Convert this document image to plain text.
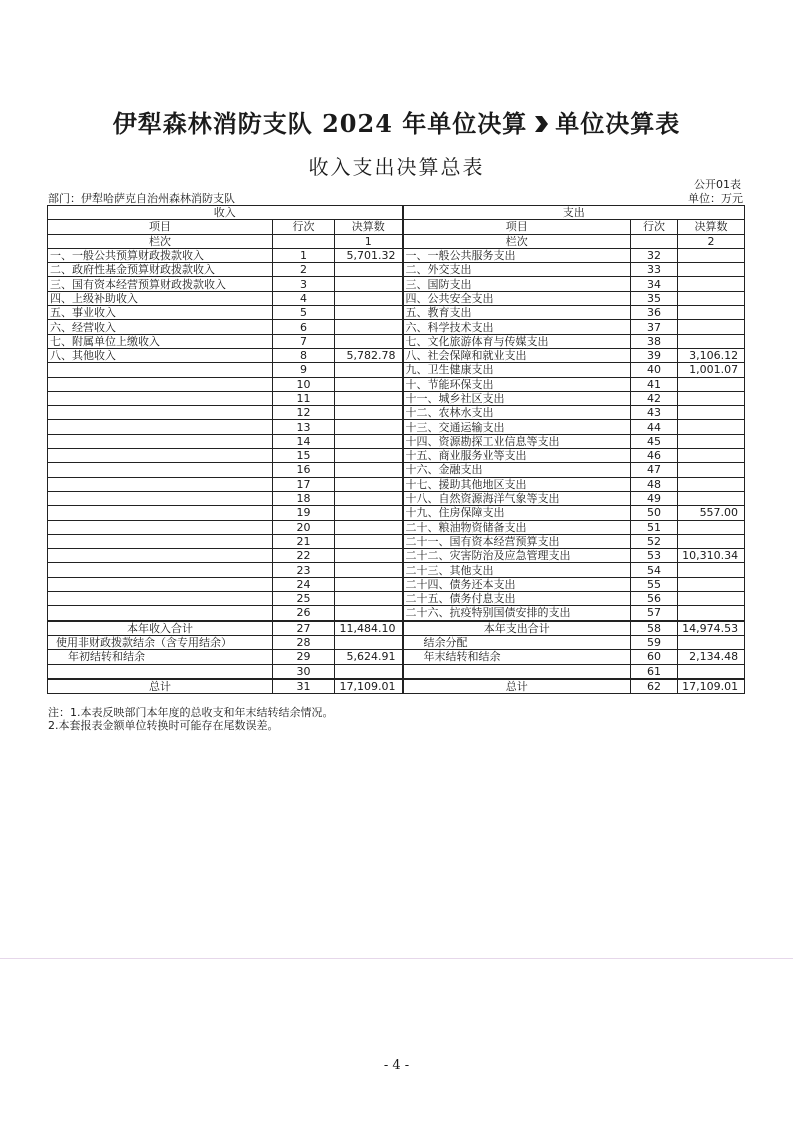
伊犁森林消防支队 2024 年单位决算 单位决算表
收入支出决算总表
公开01表
部门：伊犁哈萨克自治州森林消防支队	单位：万元
收入			支出		
项目	行次	决算数	项目	行次	决算数
栏次		1	栏次		2
一、一般公共预算财政拨款收入	1	5,701.32	一、一般公共服务支出	32	
二、政府性基金预算财政拨款收入	2		二、外交支出	33	
三、国有资本经营预算财政拨款收入	3		三、国防支出	34	
四、上级补助收入	4		四、公共安全支出	35	
五、事业收入	5		五、教育支出	36	
六、经营收入	6		六、科学技术支出	37	
七、附属单位上缴收入	7		七、文化旅游体育与传媒支出	38	
八、其他收入	8	5,782.78	八、社会保障和就业支出	39	3,106.12
	9		九、卫生健康支出	40	1,001.07
	10		十、节能环保支出	41	
	11		十一、城乡社区支出	42	
	12		十二、农林水支出	43	
	13		十三、交通运输支出	44	
	14		十四、资源勘探工业信息等支出	45	
	15		十五、商业服务业等支出	46	
	16		十六、金融支出	47	
	17		十七、援助其他地区支出	48	
	18		十八、自然资源海洋气象等支出	49	
	19		十九、住房保障支出	50	557.00
	20		二十、粮油物资储备支出	51	
	21		二十一、国有资本经营预算支出	52	
	22		二十二、灾害防治及应急管理支出	53	10,310.34
	23		二十三、其他支出	54	
	24		二十四、债务还本支出	55	
	25		二十五、债务付息支出	56	
	26		二十六、抗疫特别国债安排的支出	57	
本年收入合计	27	11,484.10	本年支出合计	58	14,974.53
使用非财政拨款结余（含专用结余）	28		结余分配	59	
年初结转和结余	29	5,624.91	年末结转和结余	60	2,134.48
	30			61	
总计	31	17,109.01	总计	62	17,109.01
注：1.本表反映部门本年度的总收支和年末结转结余情况。
2.本套报表金额单位转换时可能存在尾数误差。
- 4 -
